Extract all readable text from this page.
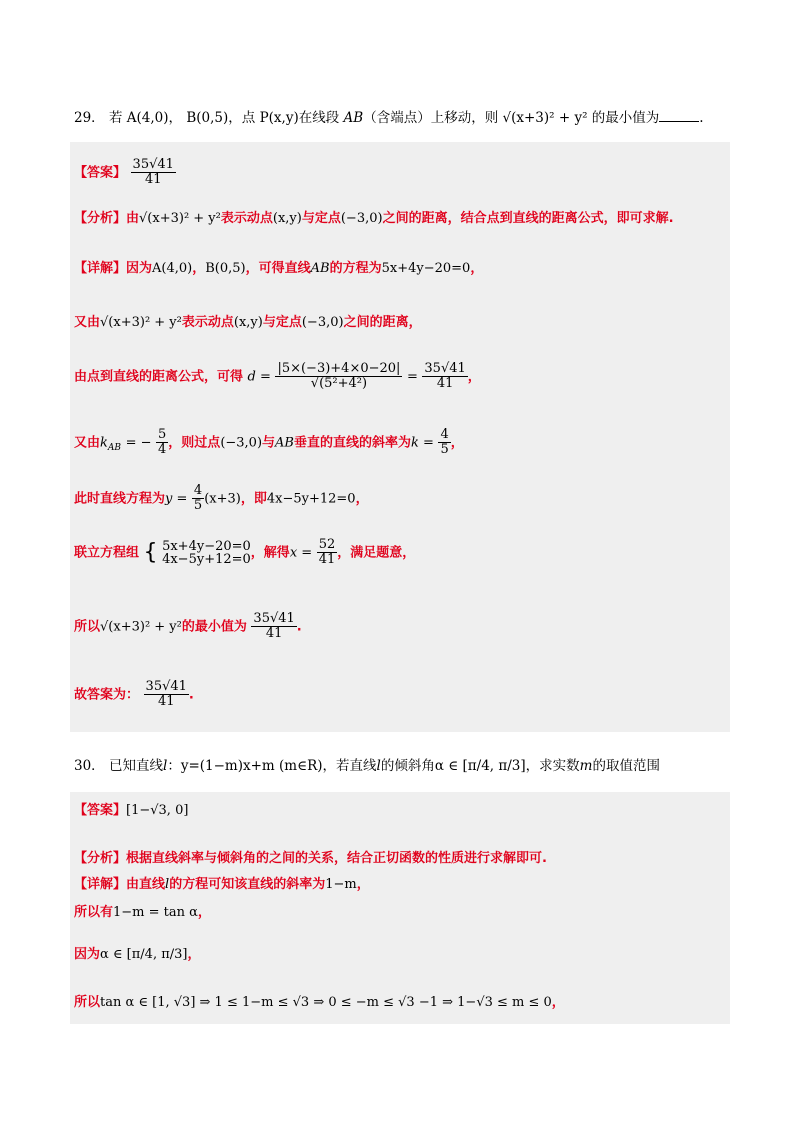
29． 若 A(4,0)， B(0,5)，点 P(x,y)在线段 AB（含端点）上移动，则 √(x+3)² + y² 的最小值为	.
【答案】 $\frac{35√41}{41}$
【分析】由√(x+3)² + y²表示动点(x,y)与定点(−3,0)之间的距离，结合点到直线的距离公式，即可求解.
【详解】因为A(4,0)，B(0,5)，可得直线AB的方程为5x+4y−20=0，
又由√(x+3)² + y²表示动点(x,y)与定点(−3,0)之间的距离，
由点到直线的距离公式，可得 $d = \frac{|5\times(-3)+4\times 0-20|}{\text{√(5²+4²)}} = \frac{35√41}{41}$ ，
又由$k_{AB}$ = − $\frac{5}{4}$ ，则过点(−3,0)与AB垂直的直线的斜率为$k = \frac{4}{5}$ ，
此时直线方程为$y = \frac{4}{5} (x+3)$，即4x−5y+12=0，
联立方程组 { 5x+4y−20=0
4x−5y+12=0 ，解得$x = \frac{52}{41}$ ，满足题意，
所以√(x+3)² + y²的最小值为 $\frac{35√41}{41}$ .
故答案为： $\frac{35√41}{41}$ .
30． 已知直线l：y=(1−m)x+m (m∈R)，若直线l的倾斜角α ∈ [π/4, π/3]，求实数m的取值范围
【答案】[1−√3, 0]
【分析】根据直线斜率与倾斜角的之间的关系，结合正切函数的性质进行求解即可.
【详解】由直线l的方程可知该直线的斜率为1−m，
所以有1−m = tan α，
因为α ∈ [π/4, π/3]，
所以tan α ∈ [1, √3] ⇒ 1 ≤ 1−m ≤ √3 ⇒ 0 ≤ −m ≤ √3 −1 ⇒ 1−√3 ≤ m ≤ 0，
